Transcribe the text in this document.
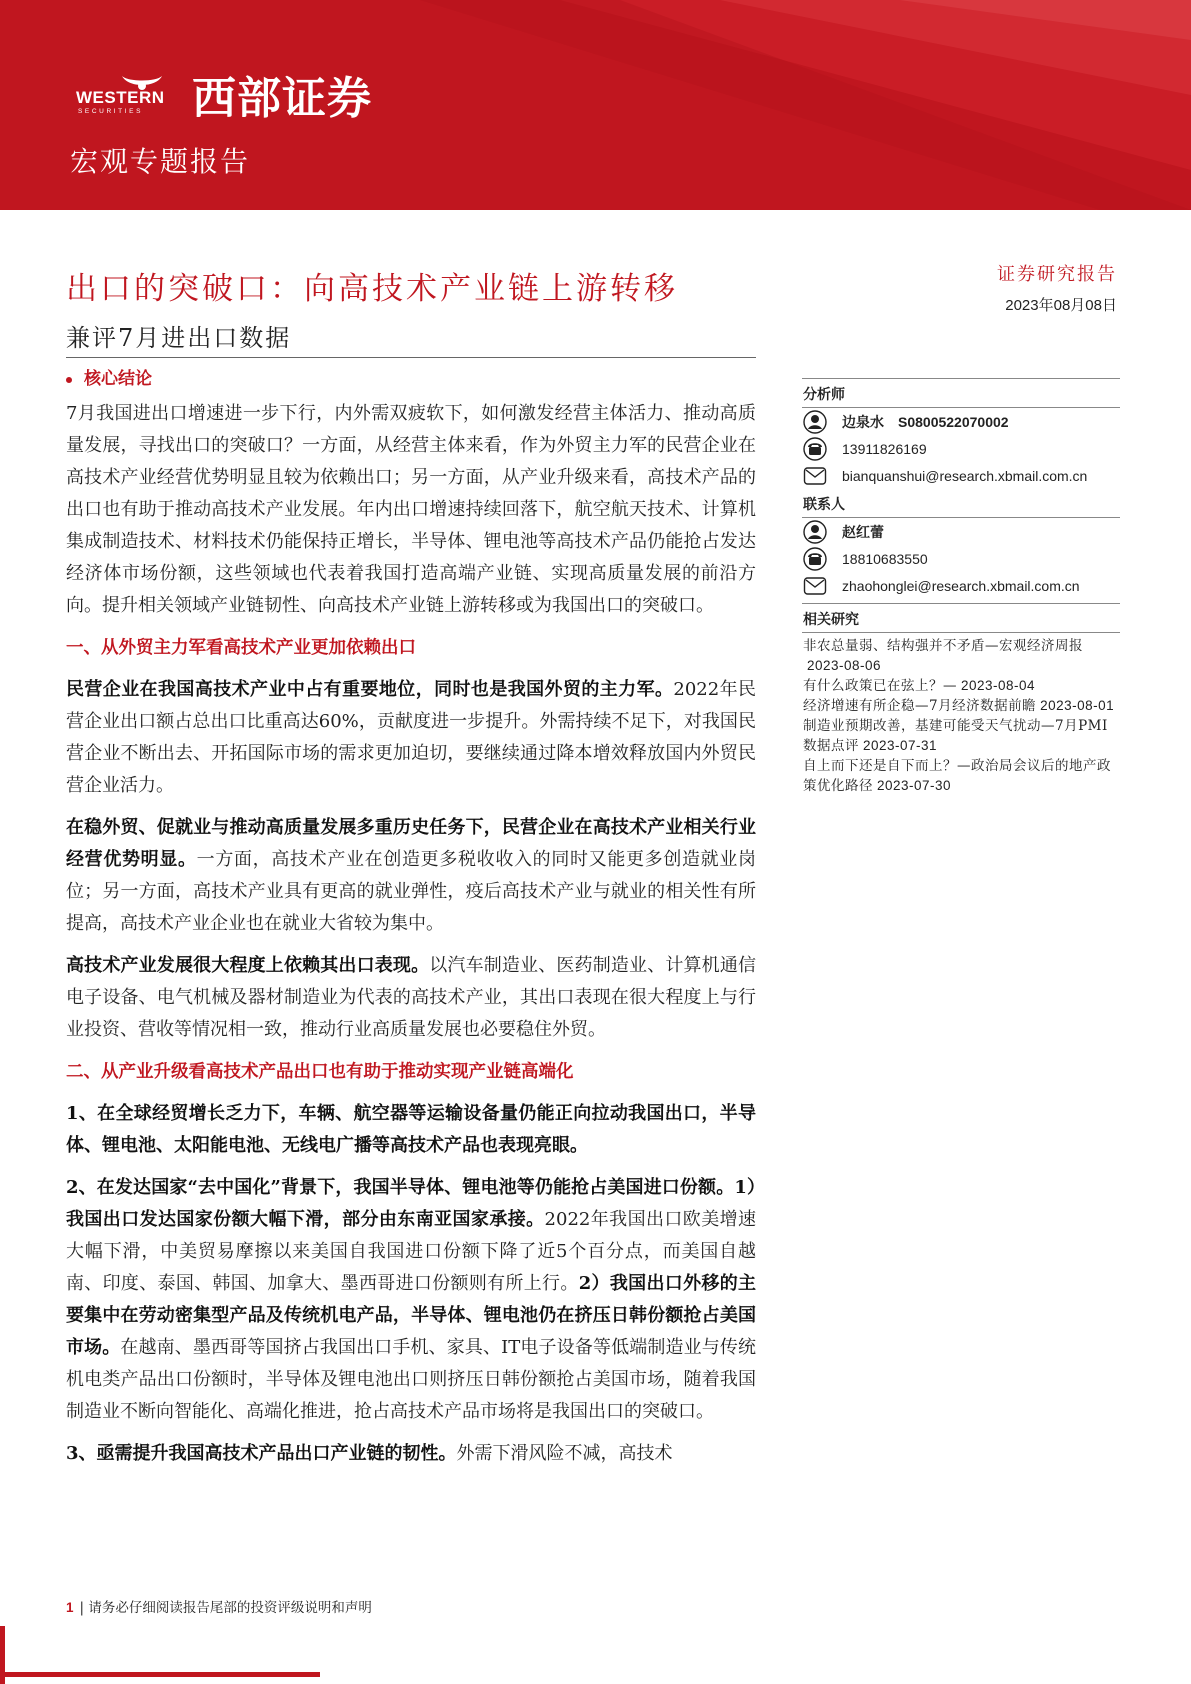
WESTERN
SECURITIES 西部证券
宏观专题报告
出口的突破口：向高技术产业链上游转移
兼评7月进出口数据
证券研究报告
2023年08月08日
核心结论

7月我国进出口增速进一步下行，内外需双疲软下，如何激发经营主体活力、推动高质量发展，寻找出口的突破口？一方面，从经营主体来看，作为外贸主力军的民营企业在高技术产业经营优势明显且较为依赖出口；另一方面，从产业升级来看，高技术产品的出口也有助于推动高技术产业发展。年内出口增速持续回落下，航空航天技术、计算机集成制造技术、材料技术仍能保持正增长，半导体、锂电池等高技术产品仍能抢占发达经济体市场份额，这些领域也代表着我国打造高端产业链、实现高质量发展的前沿方向。提升相关领域产业链韧性、向高技术产业链上游转移或为我国出口的突破口。

一、从外贸主力军看高技术产业更加依赖出口

民营企业在我国高技术产业中占有重要地位，同时也是我国外贸的主力军。2022年民营企业出口额占总出口比重高达60%，贡献度进一步提升。外需持续不足下，对我国民营企业不断出去、开拓国际市场的需求更加迫切，要继续通过降本增效释放国内外贸民营企业活力。

在稳外贸、促就业与推动高质量发展多重历史任务下，民营企业在高技术产业相关行业经营优势明显。一方面，高技术产业在创造更多税收收入的同时又能更多创造就业岗位；另一方面，高技术产业具有更高的就业弹性，疫后高技术产业与就业的相关性有所提高，高技术产业企业也在就业大省较为集中。

高技术产业发展很大程度上依赖其出口表现。以汽车制造业、医药制造业、计算机通信电子设备、电气机械及器材制造业为代表的高技术产业，其出口表现在很大程度上与行业投资、营收等情况相一致，推动行业高质量发展也必要稳住外贸。

二、从产业升级看高技术产品出口也有助于推动实现产业链高端化

1、在全球经贸增长乏力下，车辆、航空器等运输设备量仍能正向拉动我国出口，半导体、锂电池、太阳能电池、无线电广播等高技术产品也表现亮眼。

2、在发达国家“去中国化”背景下，我国半导体、锂电池等仍能抢占美国进口份额。1）我国出口发达国家份额大幅下滑，部分由东南亚国家承接。2022年我国出口欧美增速大幅下滑，中美贸易摩擦以来美国自我国进口份额下降了近5个百分点，而美国自越南、印度、泰国、韩国、加拿大、墨西哥进口份额则有所上行。2）我国出口外移的主要集中在劳动密集型产品及传统机电产品，半导体、锂电池仍在挤压日韩份额抢占美国市场。在越南、墨西哥等国挤占我国出口手机、家具、IT电子设备等低端制造业与传统机电类产品出口份额时，半导体及锂电池出口则挤压日韩份额抢占美国市场，随着我国制造业不断向智能化、高端化推进，抢占高技术产品市场将是我国出口的突破口。

3、亟需提升我国高技术产品出口产业链的韧性。外需下滑风险不减，高技术

分析师
边泉水 S0800522070002
13911826169
bianquanshui@research.xbmail.com.cn
联系人
赵红蕾
18810683550
zhaohonglei@research.xbmail.com.cn
相关研究
非农总量弱、结构强并不矛盾—宏观经济周报2023-08-06
有什么政策已在弦上？— 2023-08-04
经济增速有所企稳—7月经济数据前瞻 2023-08-01
制造业预期改善，基建可能受天气扰动—7月PMI数据点评 2023-07-31
自上而下还是自下而上？—政治局会议后的地产政策优化路径 2023-07-30
1 | 请务必仔细阅读报告尾部的投资评级说明和声明
